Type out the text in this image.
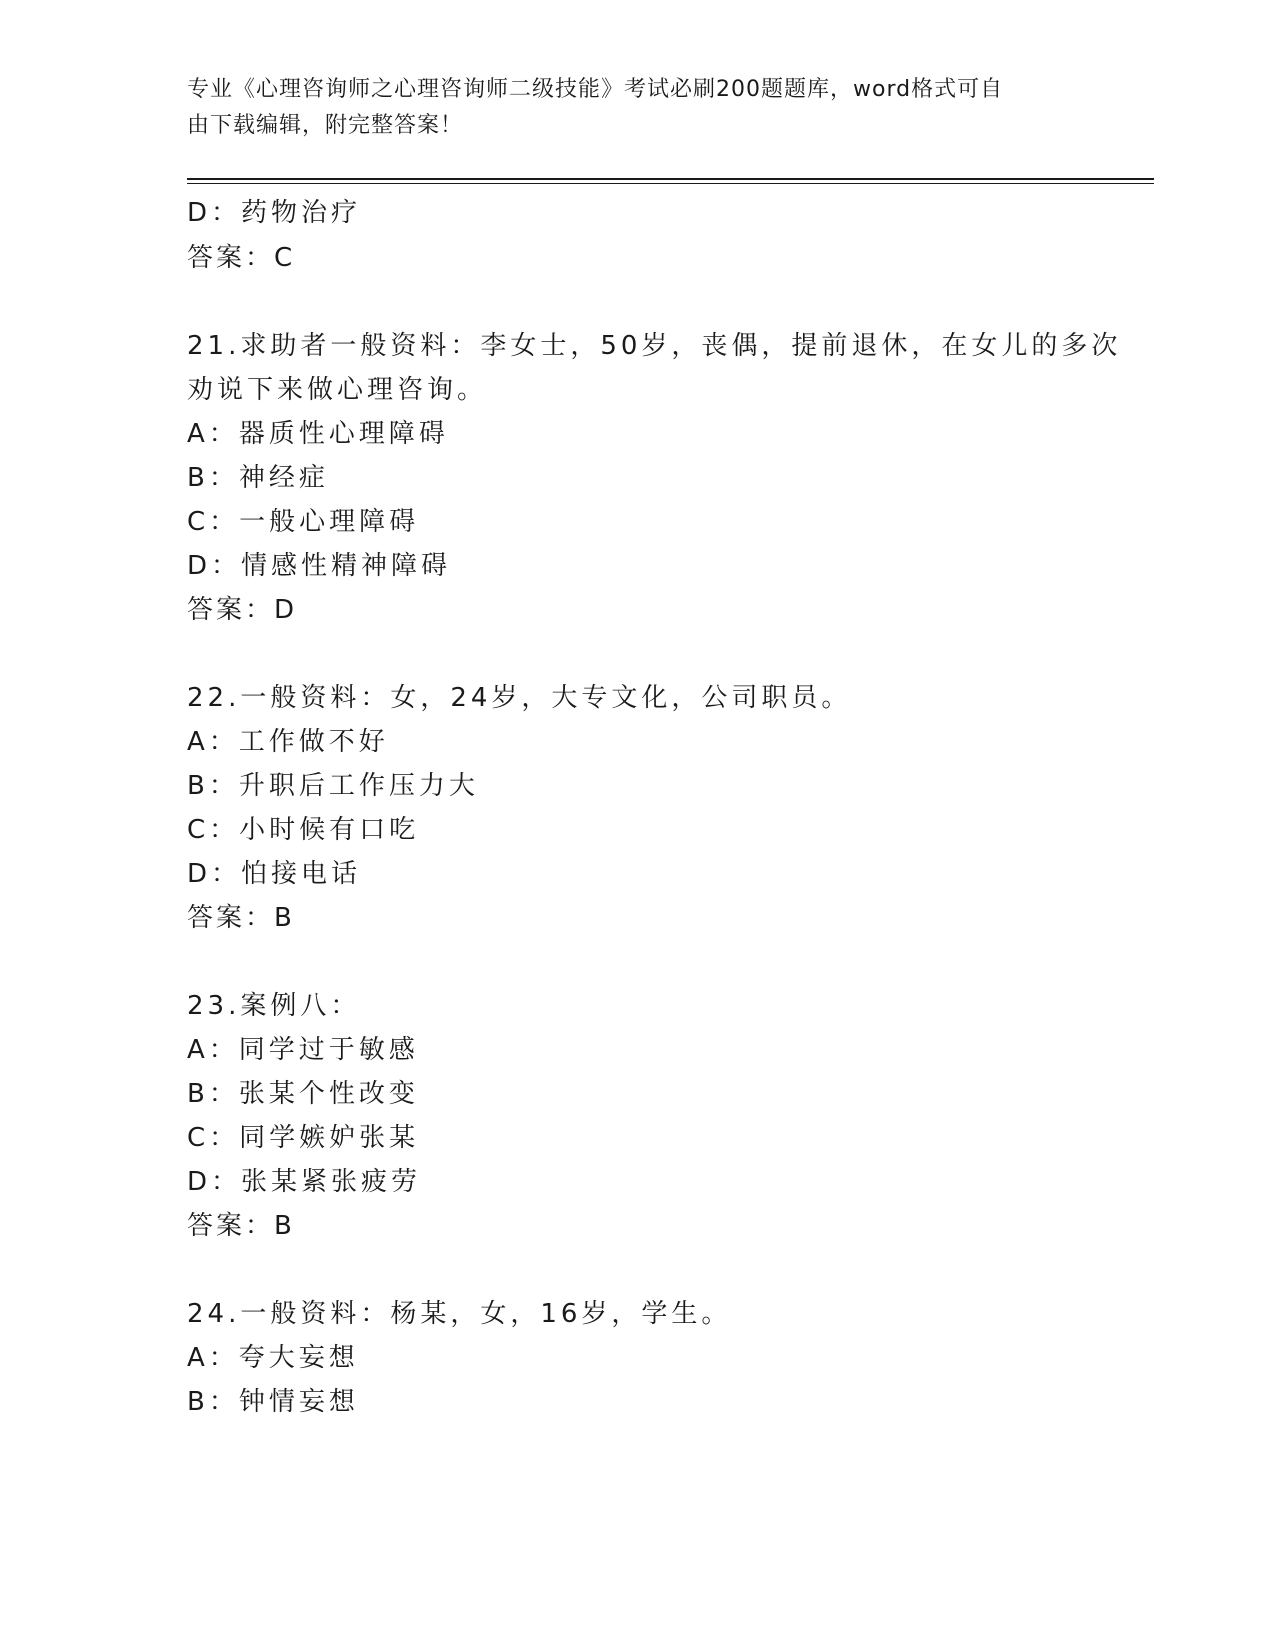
专业《心理咨询师之心理咨询师二级技能》考试必刷200题题库，word格式可自
由下载编辑，附完整答案！
D：药物治疗
答案：C
21.求助者一般资料：李女士，50岁，丧偶，提前退休，在女儿的多次
劝说下来做心理咨询。
A：器质性心理障碍
B：神经症
C：一般心理障碍
D：情感性精神障碍
答案：D
22.一般资料：女，24岁，大专文化，公司职员。
A：工作做不好
B：升职后工作压力大
C：小时候有口吃
D：怕接电话
答案：B
23.案例八：
A：同学过于敏感
B：张某个性改变
C：同学嫉妒张某
D：张某紧张疲劳
答案：B
24.一般资料：杨某，女，16岁，学生。
A：夸大妄想
B：钟情妄想
